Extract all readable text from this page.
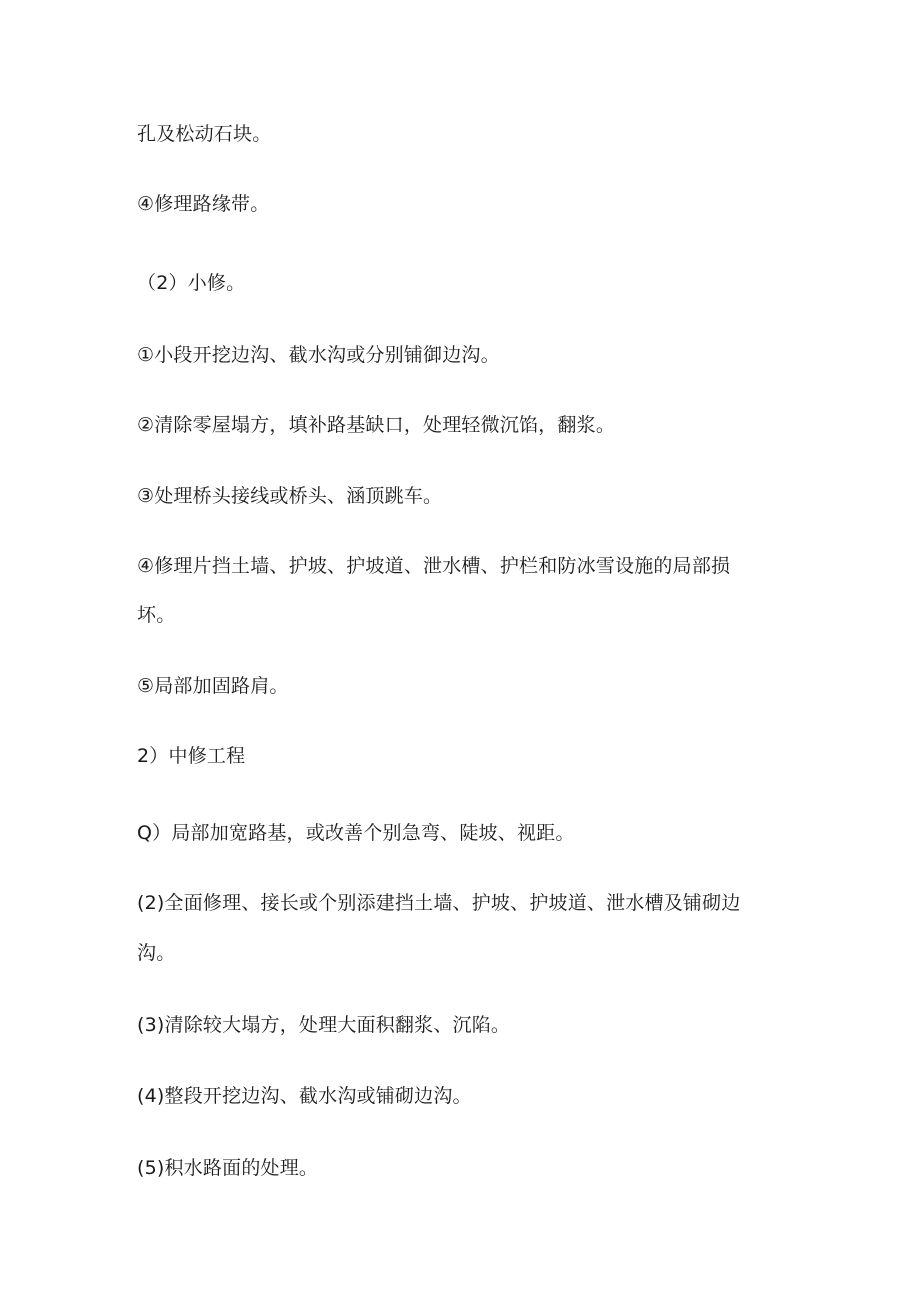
孔及松动石块。
④修理路缘带。
（2）小修。
①小段开挖边沟、截水沟或分别铺御边沟。
②清除零屋塌方，填补路基缺口，处理轻微沉馅，翻浆。
③处理桥头接线或桥头、涵顶跳车。
④修理片挡土墙、护坡、护坡道、泄水槽、护栏和防冰雪设施的局部损
坏。
⑤局部加固路肩。
2）中修工程
Q）局部加宽路基，或改善个别急弯、陡坡、视距。
(2)全面修理、接长或个别添建挡土墙、护坡、护坡道、泄水槽及铺砌边
沟。
(3)清除较大塌方，处理大面积翻浆、沉陷。
(4)整段开挖边沟、截水沟或铺砌边沟。
(5)积水路面的处理。
